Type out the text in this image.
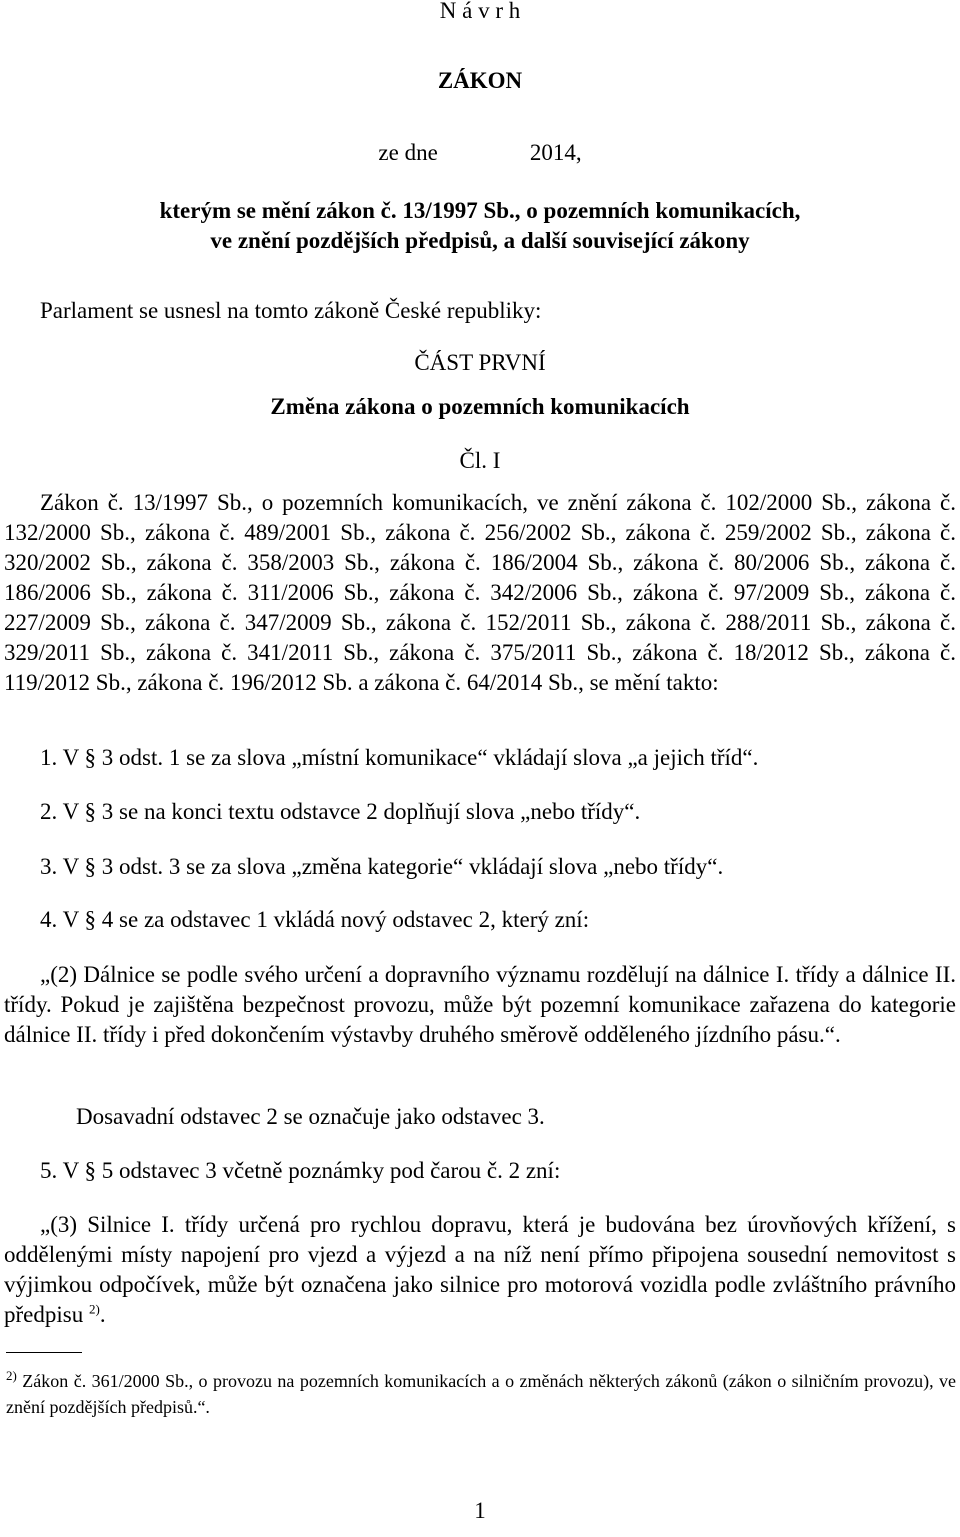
N á v r h
ZÁKON
ze dne	2014,
kterým se mění zákon č. 13/1997 Sb., o pozemních komunikacích,
ve znění pozdějších předpisů, a další související zákony
Parlament se usnesl na tomto zákoně České republiky:
ČÁST PRVNÍ
Změna zákona o pozemních komunikacích
Čl. I
Zákon č. 13/1997 Sb., o pozemních komunikacích, ve znění zákona č. 102/2000 Sb., zákona č. 132/2000 Sb., zákona č. 489/2001 Sb., zákona č. 256/2002 Sb., zákona č. 259/2002 Sb., zákona č. 320/2002 Sb., zákona č. 358/2003 Sb., zákona č. 186/2004 Sb., zákona č. 80/2006 Sb., zákona č. 186/2006 Sb., zákona č. 311/2006 Sb., zákona č. 342/2006 Sb., zákona č. 97/2009 Sb., zákona č. 227/2009 Sb., zákona č. 347/2009 Sb., zákona č. 152/2011 Sb., zákona č. 288/2011 Sb., zákona č. 329/2011 Sb., zákona č. 341/2011 Sb., zákona č. 375/2011 Sb., zákona č. 18/2012 Sb., zákona č. 119/2012 Sb., zákona č. 196/2012 Sb. a zákona č. 64/2014 Sb., se mění takto:
1. V § 3 odst. 1 se za slova „místní komunikace“ vkládají slova „a jejich tříd“.
2. V § 3 se na konci textu odstavce 2 doplňují slova „nebo třídy“.
3. V § 3 odst. 3 se za slova „změna kategorie“ vkládají slova „nebo třídy“.
4. V § 4 se za odstavec 1 vkládá nový odstavec 2, který zní:
„(2) Dálnice se podle svého určení a dopravního významu rozdělují na dálnice I. třídy a dálnice II. třídy. Pokud je zajištěna bezpečnost provozu, může být pozemní komunikace zařazena do kategorie dálnice II. třídy i před dokončením výstavby druhého směrově odděleného jízdního pásu.“.
Dosavadní odstavec 2 se označuje jako odstavec 3.
5. V § 5 odstavec 3 včetně poznámky pod čarou č. 2 zní:
„(3) Silnice I. třídy určená pro rychlou dopravu, která je budována bez úrovňových křížení, s oddělenými místy napojení pro vjezd a výjezd a na níž není přímo připojena sousední nemovitost s výjimkou odpočívek, může být označena jako silnice pro motorová vozidla podle zvláštního právního předpisu $^{2)}$.
$^{2)}$ Zákon č. 361/2000 Sb., o provozu na pozemních komunikacích a o změnách některých zákonů (zákon o silničním provozu), ve znění pozdějších předpisů.“.
1
